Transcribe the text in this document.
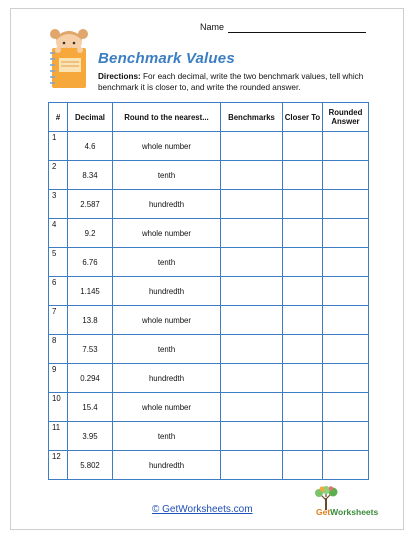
Name
Benchmark Values
Directions: For each decimal, write the two benchmark values, tell which benchmark it is closer to, and write the rounded answer.
#	Decimal	Round to the nearest...	Benchmarks	Closer To	Rounded Answer
1	4.6	whole number			
2	8.34	tenth			
3	2.587	hundredth			
4	9.2	whole number			
5	6.76	tenth			
6	1.145	hundredth			
7	13.8	whole number			
8	7.53	tenth			
9	0.294	hundredth			
10	15.4	whole number			
11	3.95	tenth			
12	5.802	hundredth			
© GetWorksheets.com	GetWorksheets
